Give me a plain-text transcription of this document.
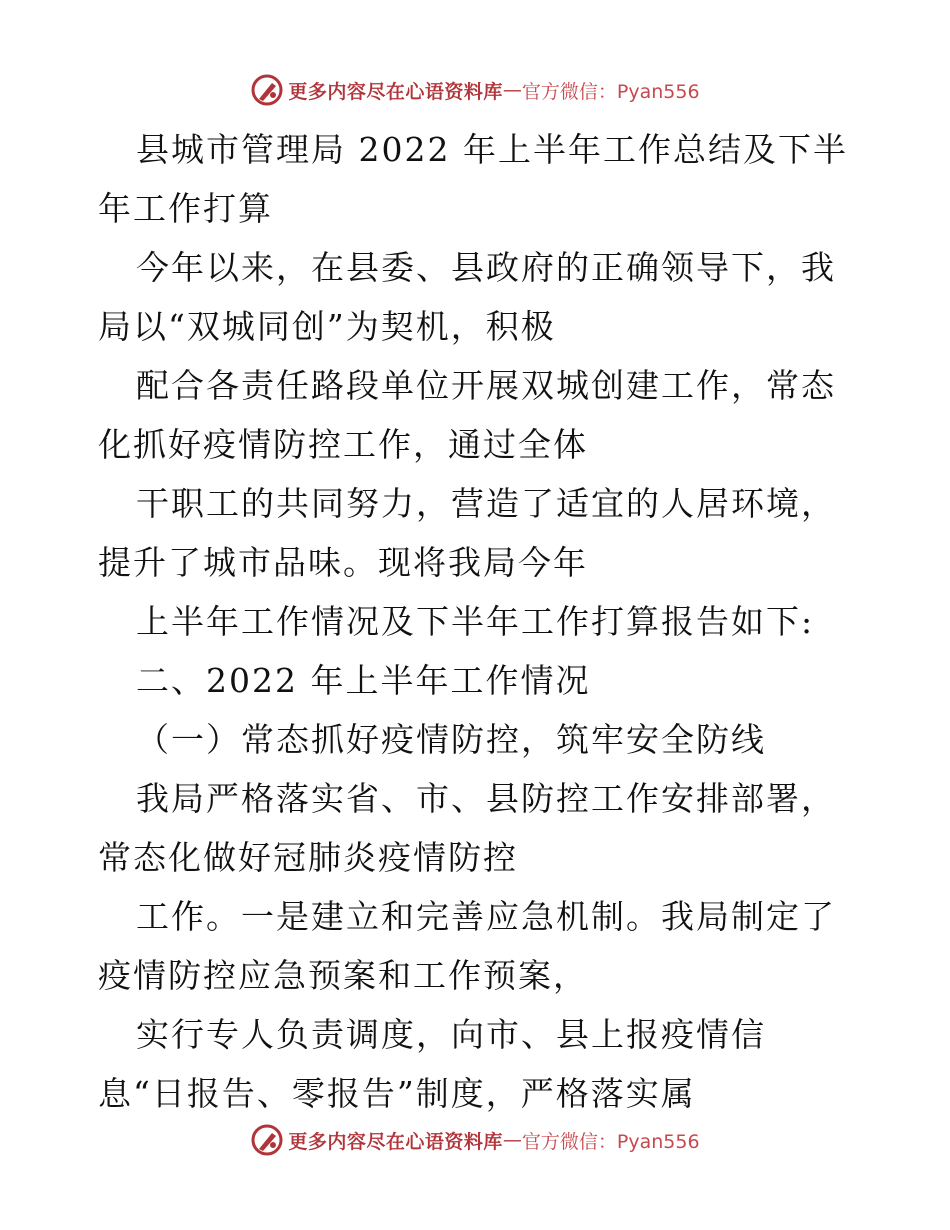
更多内容尽在心语资料库 — 官方微信：Pyan556

县城市管理局 2022 年上半年工作总结及下半年工作打算

今年以来，在县委、县政府的正确领导下，我局以“双城同创”为契机，积极

配合各责任路段单位开展双城创建工作，常态化抓好疫情防控工作，通过全体

干职工的共同努力，营造了适宜的人居环境，提升了城市品味。现将我局今年

上半年工作情况及下半年工作打算报告如下:

二、2022 年上半年工作情况

（一）常态抓好疫情防控，筑牢安全防线

我局严格落实省、市、县防控工作安排部署，常态化做好冠肺炎疫情防控

工作。一是建立和完善应急机制。我局制定了疫情防控应急预案和工作预案，

实行专人负责调度，向市、县上报疫情信息“日报告、零报告”制度，严格落实属

更多内容尽在心语资料库 — 官方微信：Pyan556
